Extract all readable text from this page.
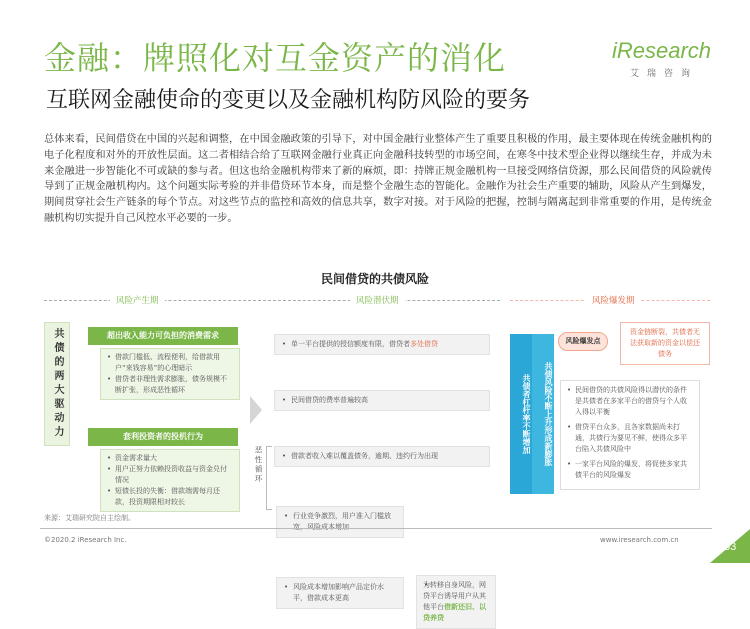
金融：牌照化对互金资产的消化
互联网金融使命的变更以及金融机构防风险的要务
iResearch
艾瑞咨询
总体来看，民间借贷在中国的兴起和调整，在中国金融政策的引导下，对中国金融行业整体产生了重要且积极的作用，最主要体现在传统金融机构的电子化程度和对外的开放性层面。这二者相结合给了互联网金融行业真正向金融科技转型的市场空间，在寒冬中技术型企业得以继续生存，并成为未来金融进一步智能化不可或缺的参与者。但这也给金融机构带来了新的麻烦，即：持牌正规金融机构一旦接受网络信贷源，那么民间借贷的风险就传导到了正规金融机构内。这个问题实际考验的并非借贷环节本身，而是整个金融生态的智能化。金融作为社会生产重要的辅助，风险从产生到爆发，期间贯穿社会生产链条的每个节点。对这些节点的监控和高效的信息共享，数字对接。对于风险的把握，控制与隔离起到非常重要的作用，是传统金融机构切实提升自己风控水平必要的一步。
民间借贷的共债风险
风险产生期	风险潜伏期	风险爆发期
共债的两大驱动力	超出收入能力可负担的消费需求
• 借款门槛低、流程便利，给借款用户“来钱容易”的心理暗示
• 借贷者非理性需求膨胀，债务规模不断扩张，形成恶性循环
套利投资者的投机行为
• 资金需求量大
• 用户正努力依赖投资收益与资金兑付情况
• 短债长投的失衡：借款端需每月还款，投资期限相对较长
• 单一平台提供的授信额度有限，借贷者多处借贷
• 民间借贷的费率普遍较高
• 借款者收入难以覆盖债务，逾期、违约行为出现
恶性循环
• 行业竞争激烈，用户准入门槛放宽，风险成本增加
• 风险成本增加影响产品定价水平，借款成本更高
• 为转移自身风险，网贷平台诱导用户从其他平台借新还旧、以贷养贷
共债者杠杆率不断增加	共债风险不断上升形成新膨胀
风险爆发点
资金链断裂，共债者无法获取新的资金以偿还债务
• 民间借贷的共债风险得以潜伏的条件是共债者在多家平台的借贷与个人收入得以平衡
• 借贷平台众多，且各家数据尚未打通，共债行为要见不鲜，使得众多平台陷入共债风险中
• 一家平台风险的爆发，将促使多家共债平台的风险爆发
来源：艾瑞研究院自主绘制。
©2020.2 iResearch Inc.	www.iresearch.com.cn
33
